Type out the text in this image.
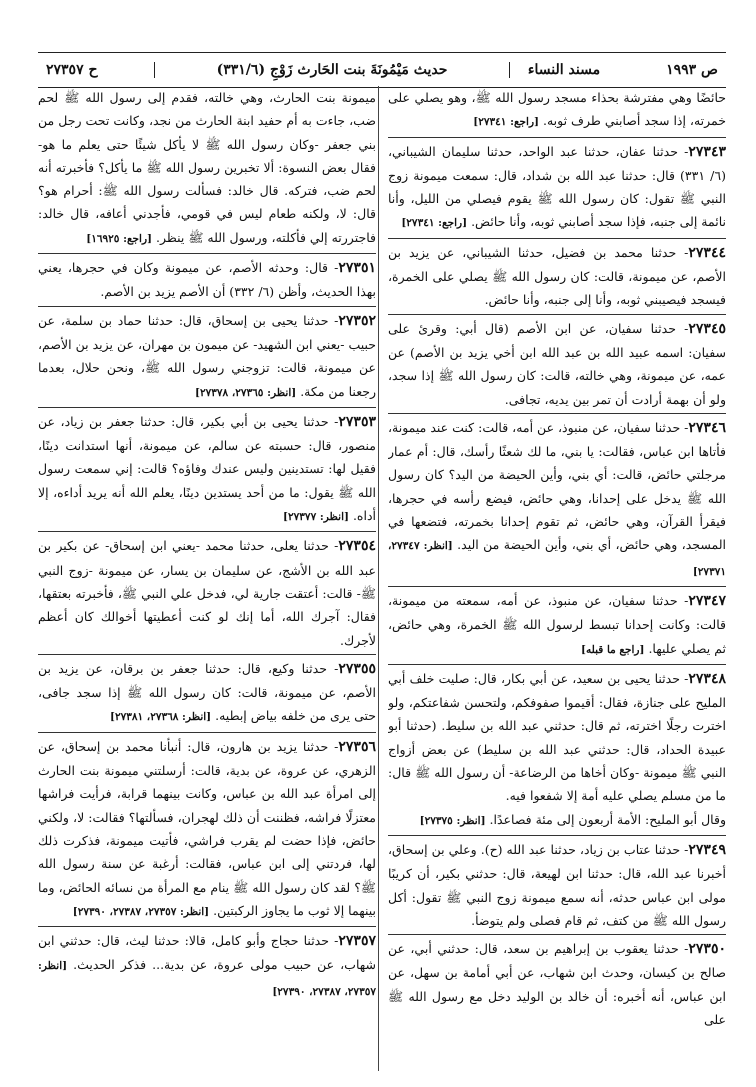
ص ١٩٩٣
مسند النساء
حديث مَيْمُونَةَ بنت الحَارث زَوْجِ (٣٣١/٦)
ح ٢٧٣٥٧

حائضًا وهي مفترشة بحذاء مسجد رسول الله ﷺ، وهو يصلي على خمرته، إذا سجد أصابني طرف ثوبه. [راجع: ٢٧٣٤١]

٢٧٣٤٣- حدثنا عفان، حدثنا عبد الواحد، حدثنا سليمان الشيباني، (٦/ ٣٣١) قال: حدثنا عبد الله بن شداد، قال: سمعت ميمونة زوج النبي ﷺ تقول: كان رسول الله ﷺ يقوم فيصلي من الليل، وأنا نائمة إلى جنبه، فإذا سجد أصابني ثوبه، وأنا حائض. [راجع: ٢٧٣٤١]

٢٧٣٤٤- حدثنا محمد بن فضيل، حدثنا الشيباني، عن يزيد بن الأصم، عن ميمونة، قالت: كان رسول الله ﷺ يصلي على الخمرة، فيسجد فيصيبني ثوبه، وأنا إلى جنبه، وأنا حائض.

٢٧٣٤٥- حدثنا سفيان، عن ابن الأصم (قال أبي: وقرئ على سفيان: اسمه عبيد الله بن عبد الله ابن أخي يزيد بن الأصم) عن عمه، عن ميمونة، وهي خالته، قالت: كان رسول الله ﷺ إذا سجد، ولو أن بهمة أرادت أن تمر بين يديه، تجافى.

٢٧٣٤٦- حدثنا سفيان، عن منبوذ، عن أمه، قالت: كنت عند ميمونة، فأتاها ابن عباس، فقالت: يا بني، ما لك شعثًا رأسك، قال: أم عمار مرجلتي حائض، قالت: أي بني، وأين الحيضة من اليد؟ كان رسول الله ﷺ يدخل على إحدانا، وهي حائض، فيضع رأسه في حجرها، فيقرأ القرآن، وهي حائض، ثم تقوم إحدانا بخمرته، فتضعها في المسجد، وهي حائض، أي بني، وأين الحيضة من اليد. [انظر: ٢٧٣٤٧، ٢٧٣٧١]

٢٧٣٤٧- حدثنا سفيان، عن منبوذ، عن أمه، سمعته من ميمونة، قالت: وكانت إحدانا تبسط لرسول الله ﷺ الخمرة، وهي حائض، ثم يصلي عليها. [راجع ما قبله]

٢٧٣٤٨- حدثنا يحيى بن سعيد، عن أبي بكار، قال: صليت خلف أبي المليح على جنازة، فقال: أقيموا صفوفكم، ولتحسن شفاعتكم، ولو اخترت رجلًا اخترته، ثم قال: حدثني عبد الله بن سليط. (حدثنا أبو عبيدة الحداد، قال: حدثني عبد الله بن سليط) عن بعض أزواج النبي ﷺ ميمونة -وكان أخاها من الرضاعة- أن رسول الله ﷺ قال: ما من مسلم يصلي عليه أمة إلا شفعوا فيه.

وقال أبو المليح: الأمة أربعون إلى مئة فصاعدًا. [انظر: ٢٧٣٧٥]

٢٧٣٤٩- حدثنا عتاب بن زياد، حدثنا عبد الله (ح). وعلي بن إسحاق، أخبرنا عبد الله، قال: حدثنا ابن لهيعة، قال: حدثني بكير، أن كريبًا مولى ابن عباس حدثه، أنه سمع ميمونة زوج النبي ﷺ تقول: أكل رسول الله ﷺ من كتف، ثم قام فصلى ولم يتوضأ.

٢٧٣٥٠- حدثنا يعقوب بن إبراهيم بن سعد، قال: حدثني أبي، عن صالح بن كيسان، وحدث ابن شهاب، عن أبي أمامة بن سهل، عن ابن عباس، أنه أخبره: أن خالد بن الوليد دخل مع رسول الله ﷺ على

ميمونة بنت الحارث، وهي خالته، فقدم إلى رسول الله ﷺ لحم ضب، جاءت به أم حفيد ابنة الحارث من نجد، وكانت تحت رجل من بني جعفر -وكان رسول الله ﷺ لا يأكل شيئًا حتى يعلم ما هو- فقال بعض النسوة: ألا تخبرين رسول الله ﷺ ما يأكل؟ فأخبرته أنه لحم ضب، فتركه. قال خالد: فسألت رسول الله ﷺ: أحرام هو؟ قال: لا، ولكنه طعام ليس في قومي، فأجدني أعافه، قال خالد: فاجتررته إلي فأكلته، ورسول الله ﷺ ينظر. [راجع: ١٦٩٢٥]

٢٧٣٥١- قال: وحدثه الأصم، عن ميمونة وكان في حجرها، يعني بهذا الحديث، وأظن (٦/ ٣٣٢) أن الأصم يزيد بن الأصم.

٢٧٣٥٢- حدثنا يحيى بن إسحاق، قال: حدثنا حماد بن سلمة، عن حبيب -يعني ابن الشهيد- عن ميمون بن مهران، عن يزيد بن الأصم، عن ميمونة، قالت: تزوجني رسول الله ﷺ، ونحن حلال، بعدما رجعنا من مكة. [انظر: ٢٧٣٦٥، ٢٧٣٧٨]

٢٧٣٥٣- حدثنا يحيى بن أبي بكير، قال: حدثنا جعفر بن زياد، عن منصور، قال: حسبته عن سالم، عن ميمونة، أنها استدانت دينًا، فقيل لها: تستدينين وليس عندك وفاؤه؟ قالت: إني سمعت رسول الله ﷺ يقول: ما من أحد يستدين دينًا، يعلم الله أنه يريد أداءه، إلا أداه. [انظر: ٢٧٣٧٧]

٢٧٣٥٤- حدثنا يعلى، حدثنا محمد -يعني ابن إسحاق- عن بكير بن عبد الله بن الأشج، عن سليمان بن يسار، عن ميمونة -زوج النبي ﷺ- قالت: أعتقت جارية لي، فدخل علي النبي ﷺ، فأخبرته بعتقها، فقال: آجرك الله، أما إنك لو كنت أعطيتها أخوالك كان أعظم لأجرك.

٢٧٣٥٥- حدثنا وكيع، قال: حدثنا جعفر بن برقان، عن يزيد بن الأصم، عن ميمونة، قالت: كان رسول الله ﷺ إذا سجد جافى، حتى يرى من خلفه بياض إبطيه. [انظر: ٢٧٣٦٨، ٢٧٣٨١]

٢٧٣٥٦- حدثنا يزيد بن هارون، قال: أنبأنا محمد بن إسحاق، عن الزهري، عن عروة، عن بدية، قالت: أرسلتني ميمونة بنت الحارث إلى امرأة عبد الله بن عباس، وكانت بينهما قرابة، فرأيت فراشها معتزلًا فراشه، فظننت أن ذلك لهجران، فسألتها؟ فقالت: لا، ولكني حائض، فإذا حضت لم يقرب فراشي، فأتيت ميمونة، فذكرت ذلك لها، فردتني إلى ابن عباس، فقالت: أرغبة عن سنة رسول الله ﷺ؟ لقد كان رسول الله ﷺ ينام مع المرأة من نسائه الحائض، وما بينهما إلا ثوب ما يجاوز الركبتين. [انظر: ٢٧٣٥٧، ٢٧٣٨٧، ٢٧٣٩٠]

٢٧٣٥٧- حدثنا حجاج وأبو كامل، قالا: حدثنا ليث، قال: حدثني ابن شهاب، عن حبيب مولى عروة، عن بدية... فذكر الحديث. [انظر: ٢٧٣٥٧، ٢٧٣٨٧، ٢٧٣٩٠]
